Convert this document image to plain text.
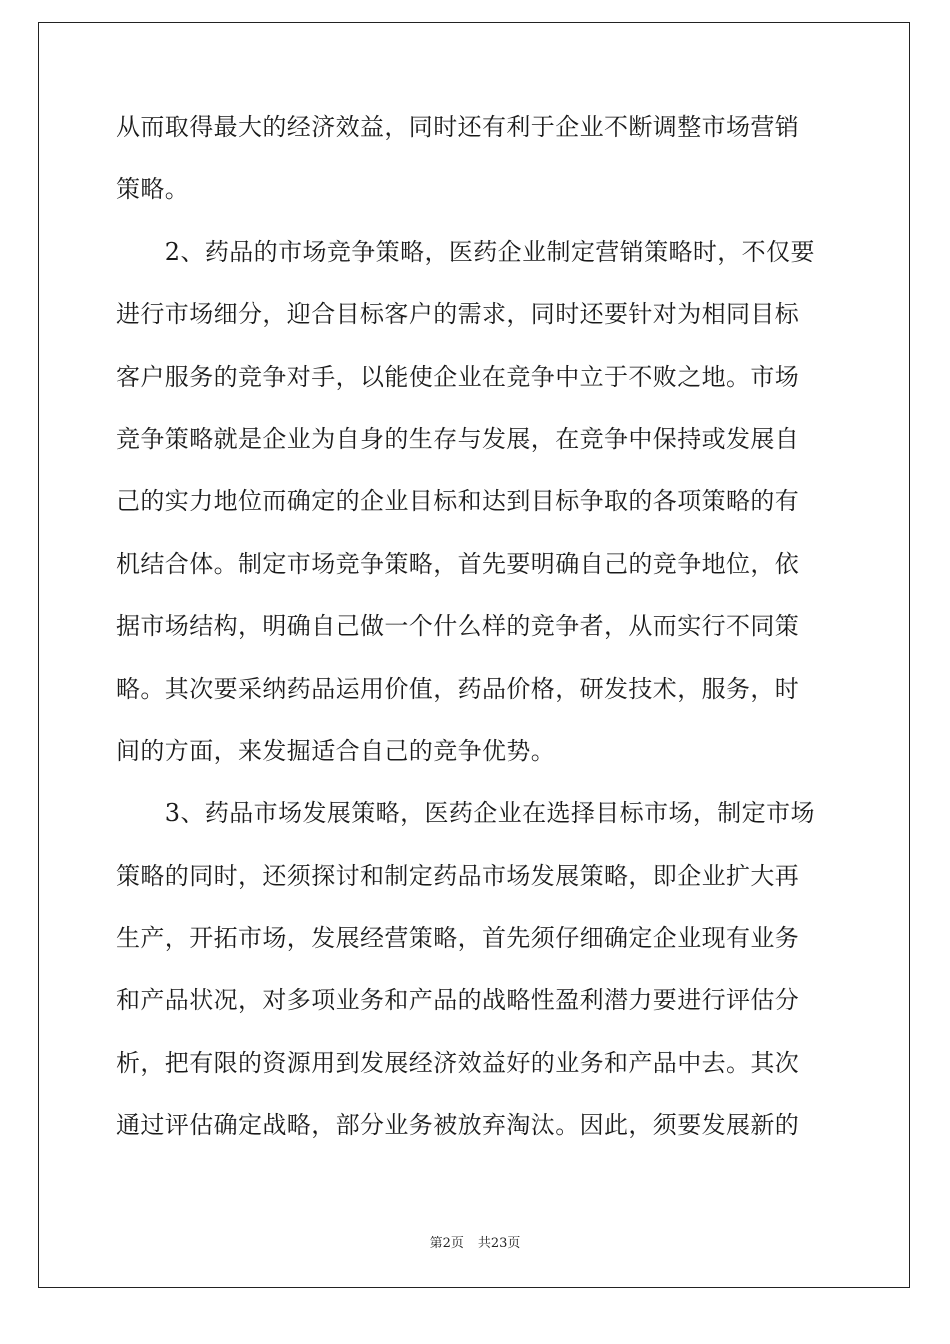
从而取得最大的经济效益，同时还有利于企业不断调整市场营销
策略。
　　2、药品的市场竞争策略，医药企业制定营销策略时，不仅要
进行市场细分，迎合目标客户的需求，同时还要针对为相同目标
客户服务的竞争对手，以能使企业在竞争中立于不败之地。市场
竞争策略就是企业为自身的生存与发展，在竞争中保持或发展自
己的实力地位而确定的企业目标和达到目标争取的各项策略的有
机结合体。制定市场竞争策略，首先要明确自己的竞争地位，依
据市场结构，明确自己做一个什么样的竞争者，从而实行不同策
略。其次要采纳药品运用价值，药品价格，研发技术，服务，时
间的方面，来发掘适合自己的竞争优势。
　　3、药品市场发展策略，医药企业在选择目标市场，制定市场
策略的同时，还须探讨和制定药品市场发展策略，即企业扩大再
生产，开拓市场，发展经营策略，首先须仔细确定企业现有业务
和产品状况，对多项业务和产品的战略性盈利潜力要进行评估分
析，把有限的资源用到发展经济效益好的业务和产品中去。其次
通过评估确定战略，部分业务被放弃淘汰。因此，须要发展新的
第2页 共23页
